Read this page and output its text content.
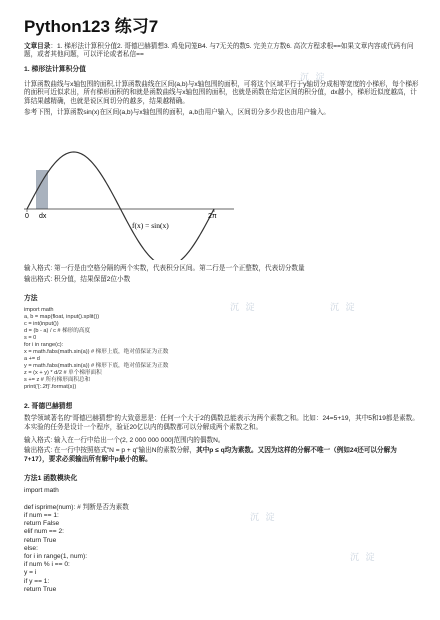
Python123 练习7
文章目录：1. 梯形法计算积分值2. 哥德巴赫猜想3. 鸡兔同笼B4. 与7无关的数5. 完美立方数6. 高次方程求根==如果文章内容或代码有问题，或者其他问题，可以评论或者私信==
1. 梯形法计算积分值
计算函数曲线与x轴包围的面积,计算函数曲线在区间(a,b)与x轴包围的面积，可将这个区域平行于y轴切分成相等宽度的小梯形，每个梯形的面积可近似求出，所有梯形面积的和就是函数曲线与x轴包围的面积，也就是函数在给定区间的积分值，dx越小，梯形近似度越高，计算结果越精确，也就是说区间切分的越多，结果越精确。
参考下图，计算函数sin(x)在区间(a,b)与x轴包围的面积，a,b由用户输入，区间切分多少段也由用户输入。
输入格式: 第一行是由空格分隔的两个实数，代表积分区间。第二行是一个正整数，代表切分数量
输出格式: 积分值，结果保留2位小数
方法
import math
a, b = map(float, input().split())
c = int(input())
d = (b - a) / c # 梯形的高度
s = 0
for i in range(c):
x = math.fabs(math.sin(a)) # 梯形上底，绝对值保证为正数
a += d
y = math.fabs(math.sin(a)) # 梯形下底，绝对值保证为正数
z = (x + y) * d/2 # 单个梯形面积
s += z # 所有梯形面积总和
print('{:.2f}'.format(s))
2. 哥德巴赫猜想
数学领域著名的"哥德巴赫猜想"的大致意思是：任何一个大于2的偶数总能表示为两个素数之和。比如：24=5+19，其中5和19都是素数。本实验的任务是设计一个程序，验证20亿以内的偶数都可以分解成两个素数之和。
输入格式: 输入在一行中给出一个(2, 2 000 000 000]范围内的偶数N。
输出格式: 在一行中按照格式"N = p + q"输出N的素数分解，其中p ≤ q均为素数。又因为这样的分解不唯一（例如24还可以分解为7+17），要求必须输出所有解中p最小的解。
方法1 函数模块化
import math

def isprime(num): # 判断是否为素数
if num == 1:
return False
elif num == 2:
return True
else:
for i in range(1, num):
if num % i == 0:
y = i
if y == 1:
return True
0 dx	2π
f(x) = sin(x)
沉 淀
沉 淀	沉 淀
沉 淀
沉 淀
